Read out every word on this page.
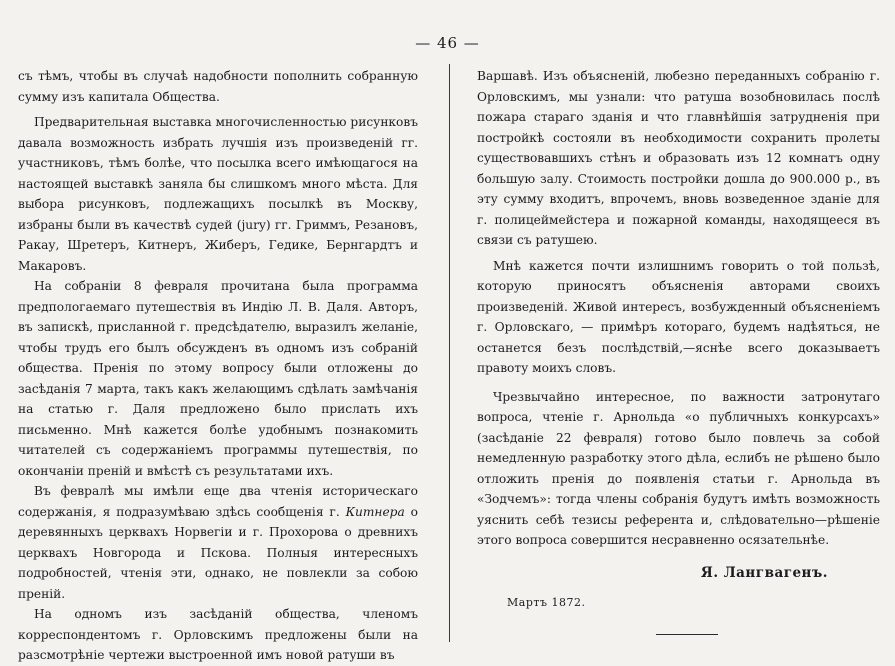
— 46 —

съ тѣмъ, чтобы въ случаѣ надобности пополнить собранную сумму изъ капитала Общества.

Предварительная выставка многочисленностью рисунковъ давала возможность избрать лучшія изъ произведеній гг. участниковъ, тѣмъ болѣе, что посылка всего имѣющагося на настоящей выставкѣ заняла бы слишкомъ много мѣста. Для выбора рисунковъ, подлежащихъ посылкѣ въ Москву, избраны были въ качествѣ судей (jury) гг. Гриммъ, Резановъ, Ракау, Шретеръ, Китнеръ, Жиберъ, Гедике, Бернгардтъ и Макаровъ.

На собраніи 8 февраля прочитана была программа предпологаемаго путешествія въ Индію Л. В. Даля. Авторъ, въ запискѣ, присланной г. предсѣдателю, выразилъ желаніе, чтобы трудъ его былъ обсужденъ въ одномъ изъ собраній общества. Пренія по этому вопросу были отложены до засѣданія 7 марта, такъ какъ желающимъ сдѣлать замѣчанія на статью г. Даля предложено было прислать ихъ письменно. Мнѣ кажется болѣе удобнымъ познакомить читателей съ содержаніемъ программы путешествія, по окончаніи преній и вмѣстѣ съ результатами ихъ.

Въ февралѣ мы имѣли еще два чтенія историческаго содержанія, я подразумѣваю здѣсь сообщенія г. Китнера о деревянныхъ церквахъ Норвегіи и г. Прохорова о древнихъ церквахъ Новгорода и Пскова. Полныя интересныхъ подробностей, чтенія эти, однако, не повлекли за собою преній.

На одномъ изъ засѣданій общества, членомъ корреспондентомъ г. Орловскимъ предложены были на разсмотрѣніе чертежи выстроенной имъ новой ратуши въ

Варшавѣ. Изъ объясненій, любезно переданныхъ собранію г. Орловскимъ, мы узнали: что ратуша возобновилась послѣ пожара стараго зданія и что главнѣйшія затрудненія при постройкѣ состояли въ необходимости сохранить пролеты существовавшихъ стѣнъ и образовать изъ 12 комнатъ одну большую залу. Стоимость постройки дошла до 900.000 р., въ эту сумму входитъ, впрочемъ, вновь возведенное зданіе для г. полицеймейстера и пожарной команды, находящееся въ связи съ ратушею.

Мнѣ кажется почти излишнимъ говорить о той пользѣ, которую приносятъ объясненія авторами своихъ произведеній. Живой интересъ, возбужденный объясненіемъ г. Орловскаго, — примѣръ котораго, будемъ надѣяться, не останется безъ послѣдствій,—яснѣе всего доказываетъ правоту моихъ словъ.

Чрезвычайно интересное, по важности затронутаго вопроса, чтеніе г. Арнольда «о публичныхъ конкурсахъ» (засѣданіе 22 февраля) готово было повлечь за собой немедленную разработку этого дѣла, еслибъ не рѣшено было отложить пренія до появленія статьи г. Арнольда въ «Зодчемъ»: тогда члены собранія будутъ имѣть возможность уяснить себѣ тезисы референта и, слѣдовательно—рѣшеніе этого вопроса совершится несравненно осязательнѣе.

Я. Лангвагенъ.
Мартъ 1872.
